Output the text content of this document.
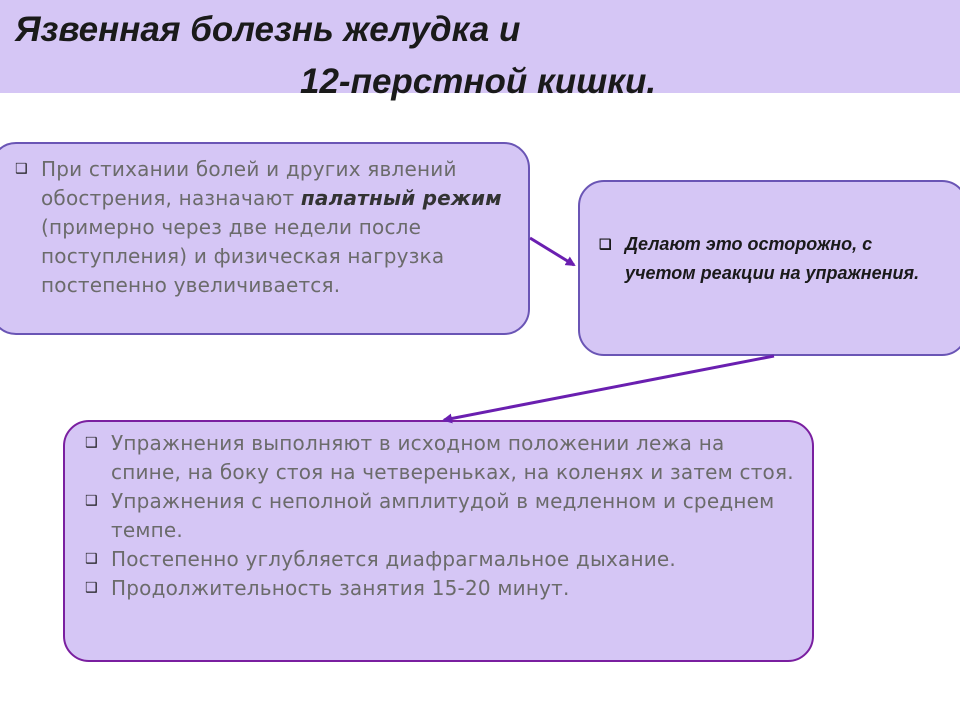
Язвенная болезнь желудка и
12-перстной кишки.

❑ При стихании болей и других явлений обострения, назначают палатный режим (примерно через две недели после поступления) и физическая нагрузка постепенно увеличивается.

❑ Делают это осторожно, с учетом реакции на упражнения.

❑ Упражнения выполняют в исходном положении лежа на спине, на боку стоя на четвереньках, на коленях и затем стоя.

❑ Упражнения с неполной амплитудой в медленном и среднем темпе.

❑ Постепенно углубляется диафрагмальное дыхание.

❑ Продолжительность занятия 15-20 минут.
